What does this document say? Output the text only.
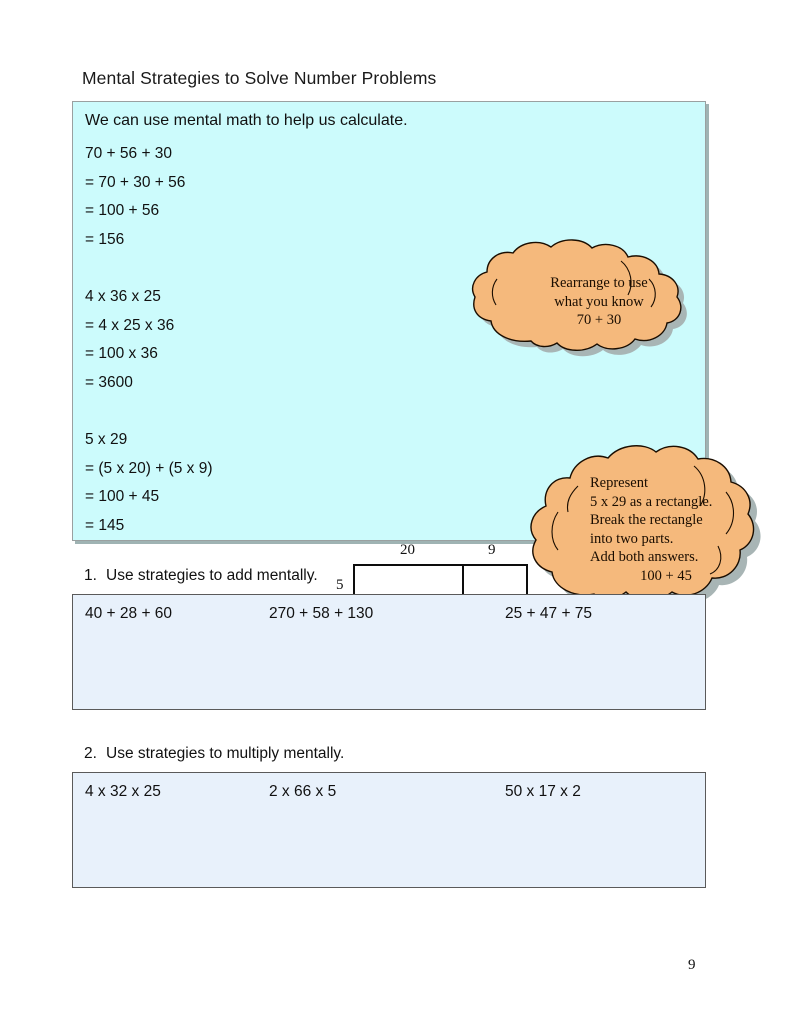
Mental Strategies to Solve Number Problems
We can use mental math to help us calculate.
70 + 56 + 30
= 70 + 30 + 56
= 100 + 56
= 156
4 x 36 x 25
= 4 x 25 x 36
= 100 x 36
= 3600
5 x 29
= (5 x 20) + (5 x 9)
= 100 + 45
= 145
Rearrange to use
what you know
70 + 30
Represent
5 x 29 as a rectangle.
Break the rectangle
into two parts.
Add both answers.
100 + 45
20	9
5
1. Use strategies to add mentally.
40 + 28 + 60	270 + 58 + 130	25 + 47 + 75
2. Use strategies to multiply mentally.
4 x 32 x 25	2 x 66 x 5	50 x 17 x 2
9
